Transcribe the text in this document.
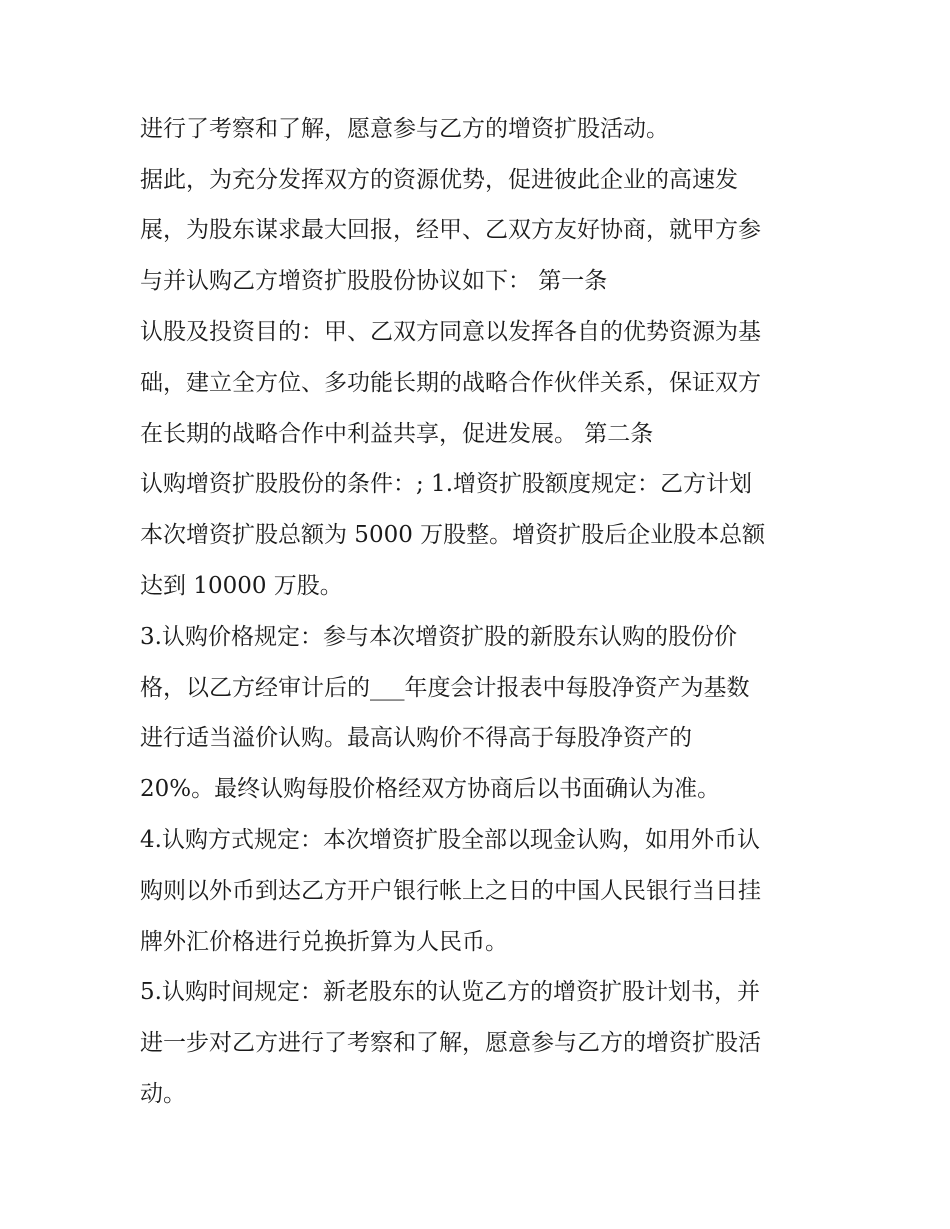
进行了考察和了解，愿意参与乙方的增资扩股活动。
据此，为充分发挥双方的资源优势，促进彼此企业的高速发
展，为股东谋求最大回报，经甲、乙双方友好协商，就甲方参
与并认购乙方增资扩股股份协议如下： 第一条
认股及投资目的：甲、乙双方同意以发挥各自的优势资源为基
础，建立全方位、多功能长期的战略合作伙伴关系，保证双方
在长期的战略合作中利益共享，促进发展。 第二条
认购增资扩股股份的条件：; 1.增资扩股额度规定：乙方计划
本次增资扩股总额为 5000 万股整。增资扩股后企业股本总额
达到 10000 万股。
3.认购价格规定：参与本次增资扩股的新股东认购的股份价
格，以乙方经审计后的___年度会计报表中每股净资产为基数
进行适当溢价认购。最高认购价不得高于每股净资产的
20%。最终认购每股价格经双方协商后以书面确认为准。
4.认购方式规定：本次增资扩股全部以现金认购，如用外币认
购则以外币到达乙方开户银行帐上之日的中国人民银行当日挂
牌外汇价格进行兑换折算为人民币。
5.认购时间规定：新老股东的认览乙方的增资扩股计划书，并
进一步对乙方进行了考察和了解，愿意参与乙方的增资扩股活
动。
